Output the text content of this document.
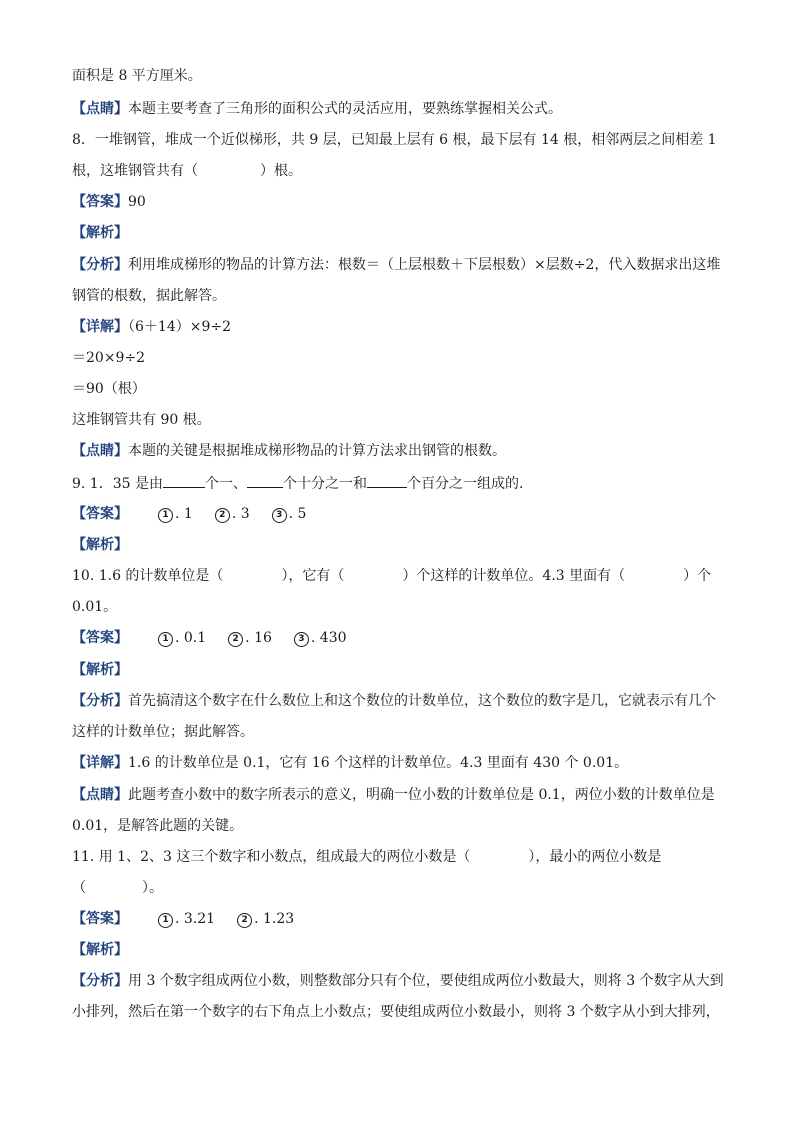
面积是 8 平方厘米。
【点睛】本题主要考查了三角形的面积公式的灵活应用，要熟练掌握相关公式。
8．一堆钢管，堆成一个近似梯形，共 9 层，已知最上层有 6 根，最下层有 14 根，相邻两层之间相差 1
根，这堆钢管共有（	）根。
【答案】90
【解析】
【分析】利用堆成梯形的物品的计算方法：根数＝（上层根数＋下层根数）×层数÷2，代入数据求出这堆
钢管的根数，据此解答。
【详解】（6＋14）×9÷2
＝20×9÷2
＝90（根）
这堆钢管共有 90 根。
【点睛】本题的关键是根据堆成梯形物品的计算方法求出钢管的根数。
9. 1．35 是由	个一、	个十分之一和	个百分之一组成的．
【答案】	1 . 1	2 . 3	3 . 5
【解析】
10. 1.6 的计数单位是（	），它有（	）个这样的计数单位。4.3 里面有（	）个
0.01。
【答案】	1 . 0.1	2 . 16	3 . 430
【解析】
【分析】首先搞清这个数字在什么数位上和这个数位的计数单位，这个数位的数字是几，它就表示有几个
这样的计数单位；据此解答。
【详解】1.6 的计数单位是 0.1，它有 16 个这样的计数单位。4.3 里面有 430 个 0.01。
【点睛】此题考查小数中的数字所表示的意义，明确一位小数的计数单位是 0.1，两位小数的计数单位是
0.01，是解答此题的关键。
11. 用 1、2、3 这三个数字和小数点，组成最大的两位小数是（	），最小的两位小数是
（	）。
【答案】	1 . 3.21	2 . 1.23
【解析】
【分析】用 3 个数字组成两位小数，则整数部分只有个位，要使组成两位小数最大，则将 3 个数字从大到
小排列，然后在第一个数字的右下角点上小数点；要使组成两位小数最小，则将 3 个数字从小到大排列，
